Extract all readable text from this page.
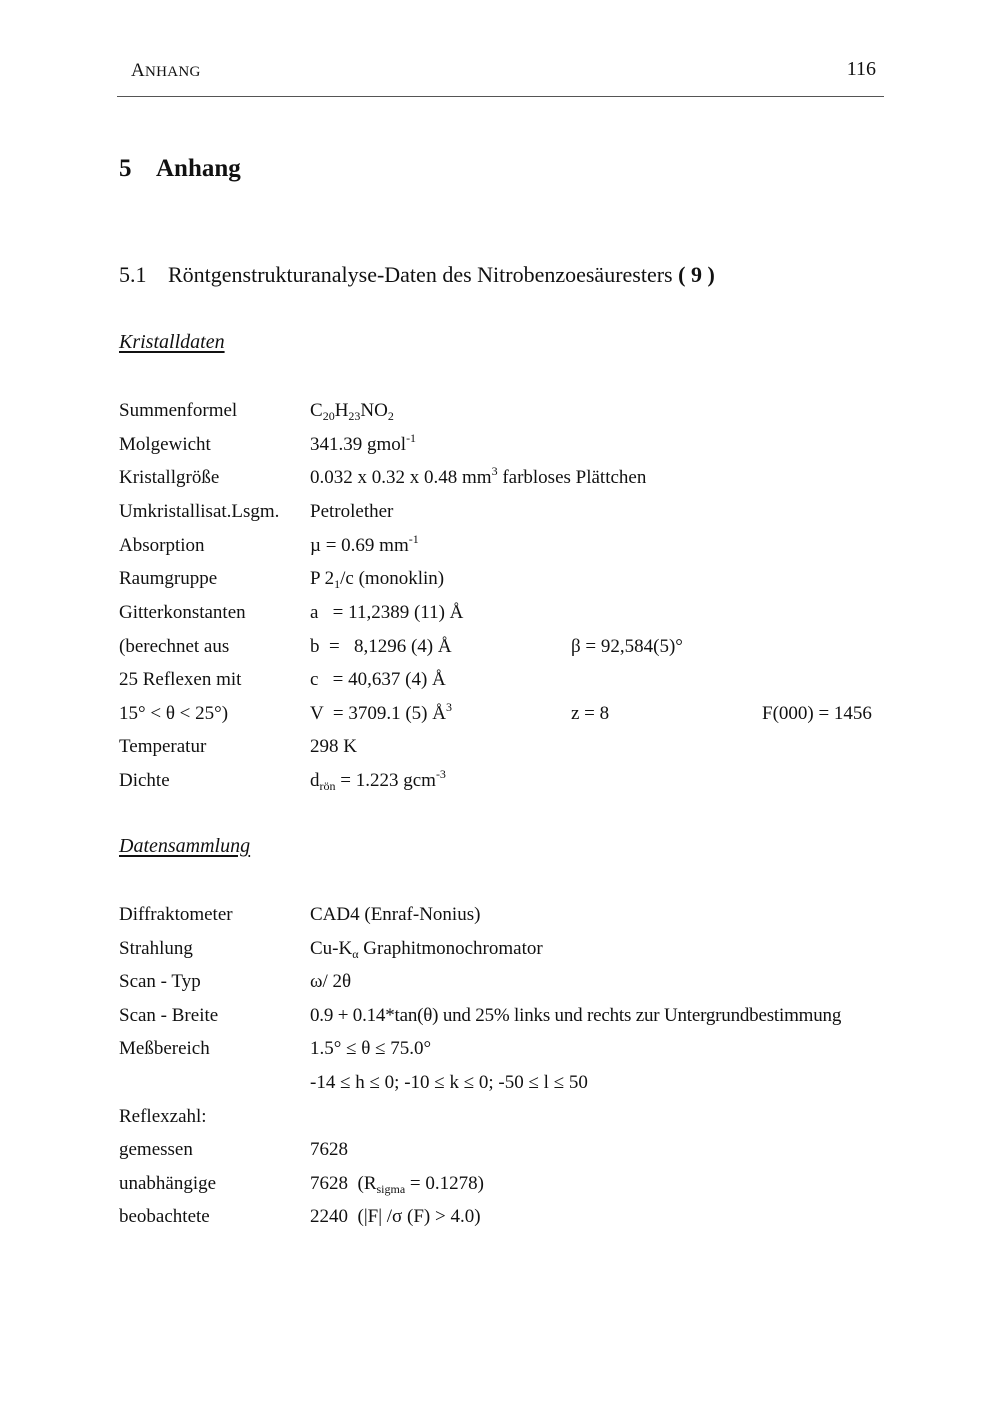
ANHANG	116
5 Anhang
5.1 Röntgenstrukturanalyse-Daten des Nitrobenzoesäuresters ( 9 )
Kristalldaten
Summenformel	$C_{20}H_{23}NO_2$
Molgewicht	341.39 gmol$^{-1}$
Kristallgröße	0.032 x 0.32 x 0.48 $mm^3$ farbloses Plättchen
Umkristallisat.Lsgm. Petrolether
Absorption	µ = 0.69 $mm^{-1}$
Raumgruppe	P $2_1/c$ (monoklin)
Gitterkonstanten	a   = 11,2389 (11) Å
(berechnet aus	b  =   8,1296 (4) Å	β = 92,584(5)°
25 Reflexen mit	c   = 40,637 (4) Å
15° < θ < 25°)	V  = 3709.1 (5) $Å^3$	z = 8	F(000) = 1456
Temperatur	298 K
Dichte	$d_{rön} = 1.223$ gcm$^{-3}$
Datensammlung
Diffraktometer	CAD4 (Enraf-Nonius)
Strahlung	$Cu-K_\alpha$ Graphitmonochromator
Scan - Typ	ω/ 2θ
Scan - Breite	0.9 + 0.14*tan(θ) und 25% links und rechts zur Untergrundbestimmung
Meßbereich	1.5° ≤ θ ≤ 75.0°
-14 ≤ h ≤ 0; -10 ≤ k ≤ 0; -50 ≤ l ≤ 50
Reflexzahl:
gemessen	7628
unabhängige	7628  $(R_{sigma} = 0.1278)$
beobachtete	2240  (|F| /σ (F) > 4.0)
